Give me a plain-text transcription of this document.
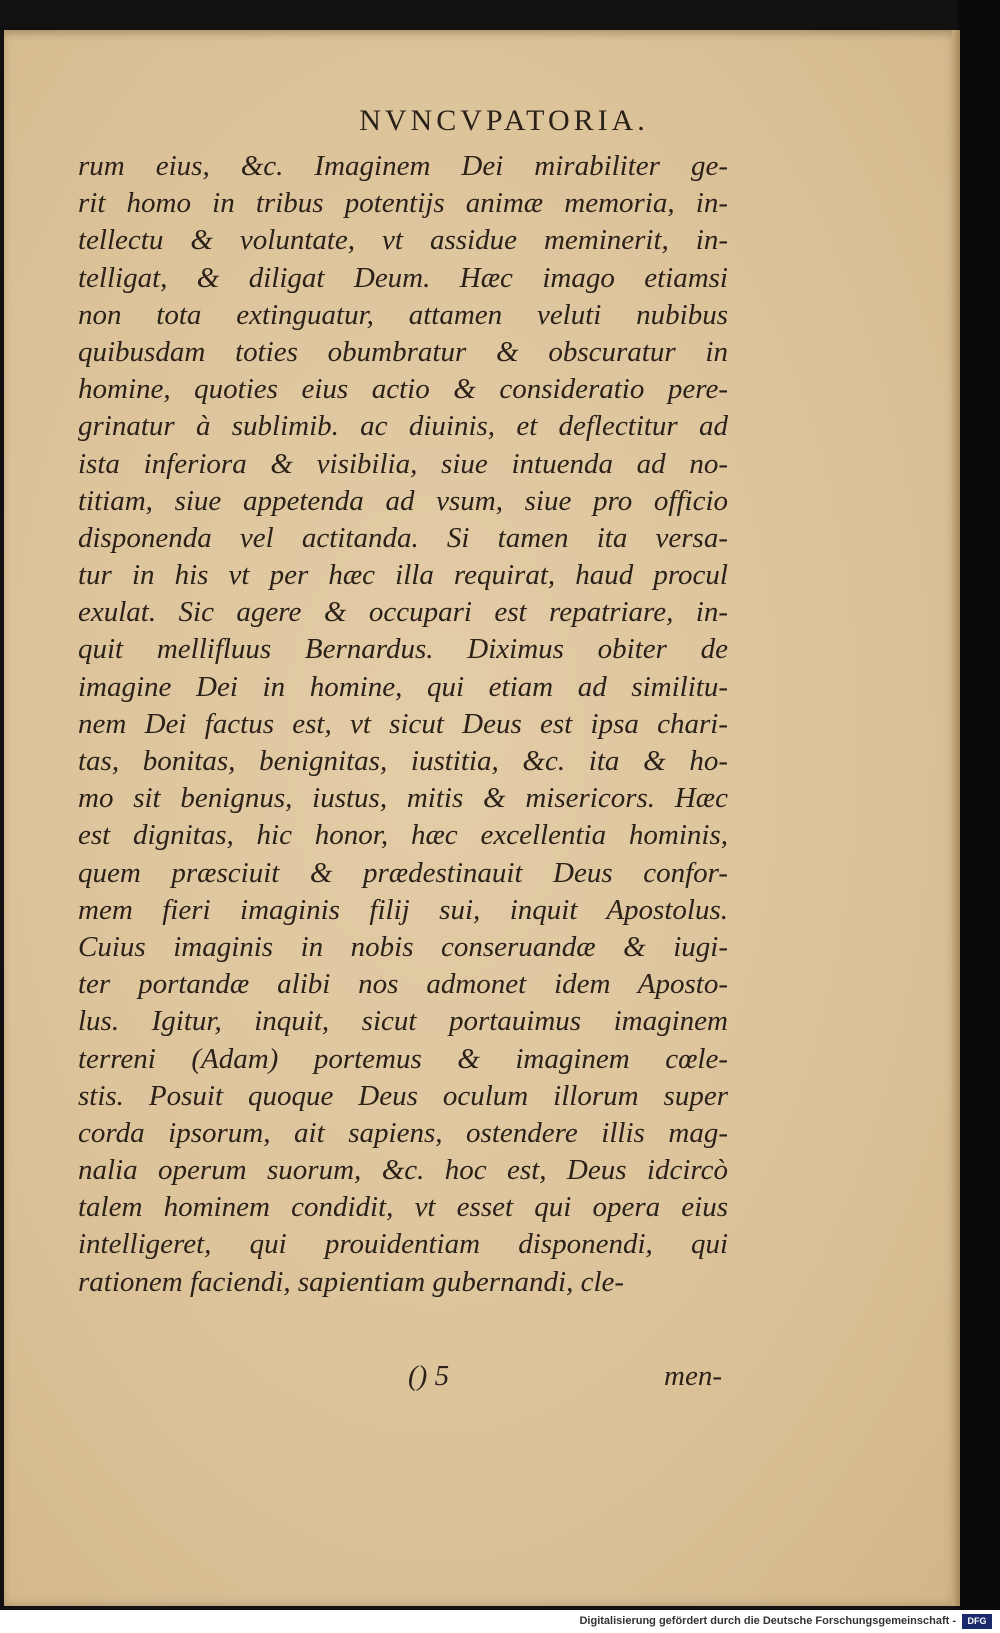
NVNCVPATORIA.
rum eius, &c. Imaginem Dei mirabiliter ge-
rit homo in tribus potentijs animæ memoria, in-
tellectu & voluntate, vt assidue meminerit, in-
telligat, & diligat Deum. Hæc imago etiamsi
non tota extinguatur, attamen veluti nubibus
quibusdam toties obumbratur & obscuratur in
homine, quoties eius actio & consideratio pere-
grinatur à sublimib. ac diuinis, et deflectitur ad
ista inferiora & visibilia, siue intuenda ad no-
titiam, siue appetenda ad vsum, siue pro officio
disponenda vel actitanda. Si tamen ita versa-
tur in his vt per hæc illa requirat, haud procul
exulat. Sic agere & occupari est repatriare, in-
quit mellifluus Bernardus. Diximus obiter de
imagine Dei in homine, qui etiam ad similitu-
nem Dei factus est, vt sicut Deus est ipsa chari-
tas, bonitas, benignitas, iustitia, &c. ita & ho-
mo sit benignus, iustus, mitis & misericors. Hæc
est dignitas, hic honor, hæc excellentia hominis,
quem præsciuit & prædestinauit Deus confor-
mem fieri imaginis filij sui, inquit Apostolus.
Cuius imaginis in nobis conseruandæ & iugi-
ter portandæ alibi nos admonet idem Aposto-
lus. Igitur, inquit, sicut portauimus imaginem
terreni (Adam) portemus & imaginem cœle-
stis. Posuit quoque Deus oculum illorum super
corda ipsorum, ait sapiens, ostendere illis mag-
nalia operum suorum, &c. hoc est, Deus idcircò
talem hominem condidit, vt esset qui opera eius
intelligeret, qui prouidentiam disponendi, qui
rationem faciendi, sapientiam gubernandi, cle-
() 5	men-
Digitalisierung gefördert durch die Deutsche Forschungsgemeinschaft -	DFG
